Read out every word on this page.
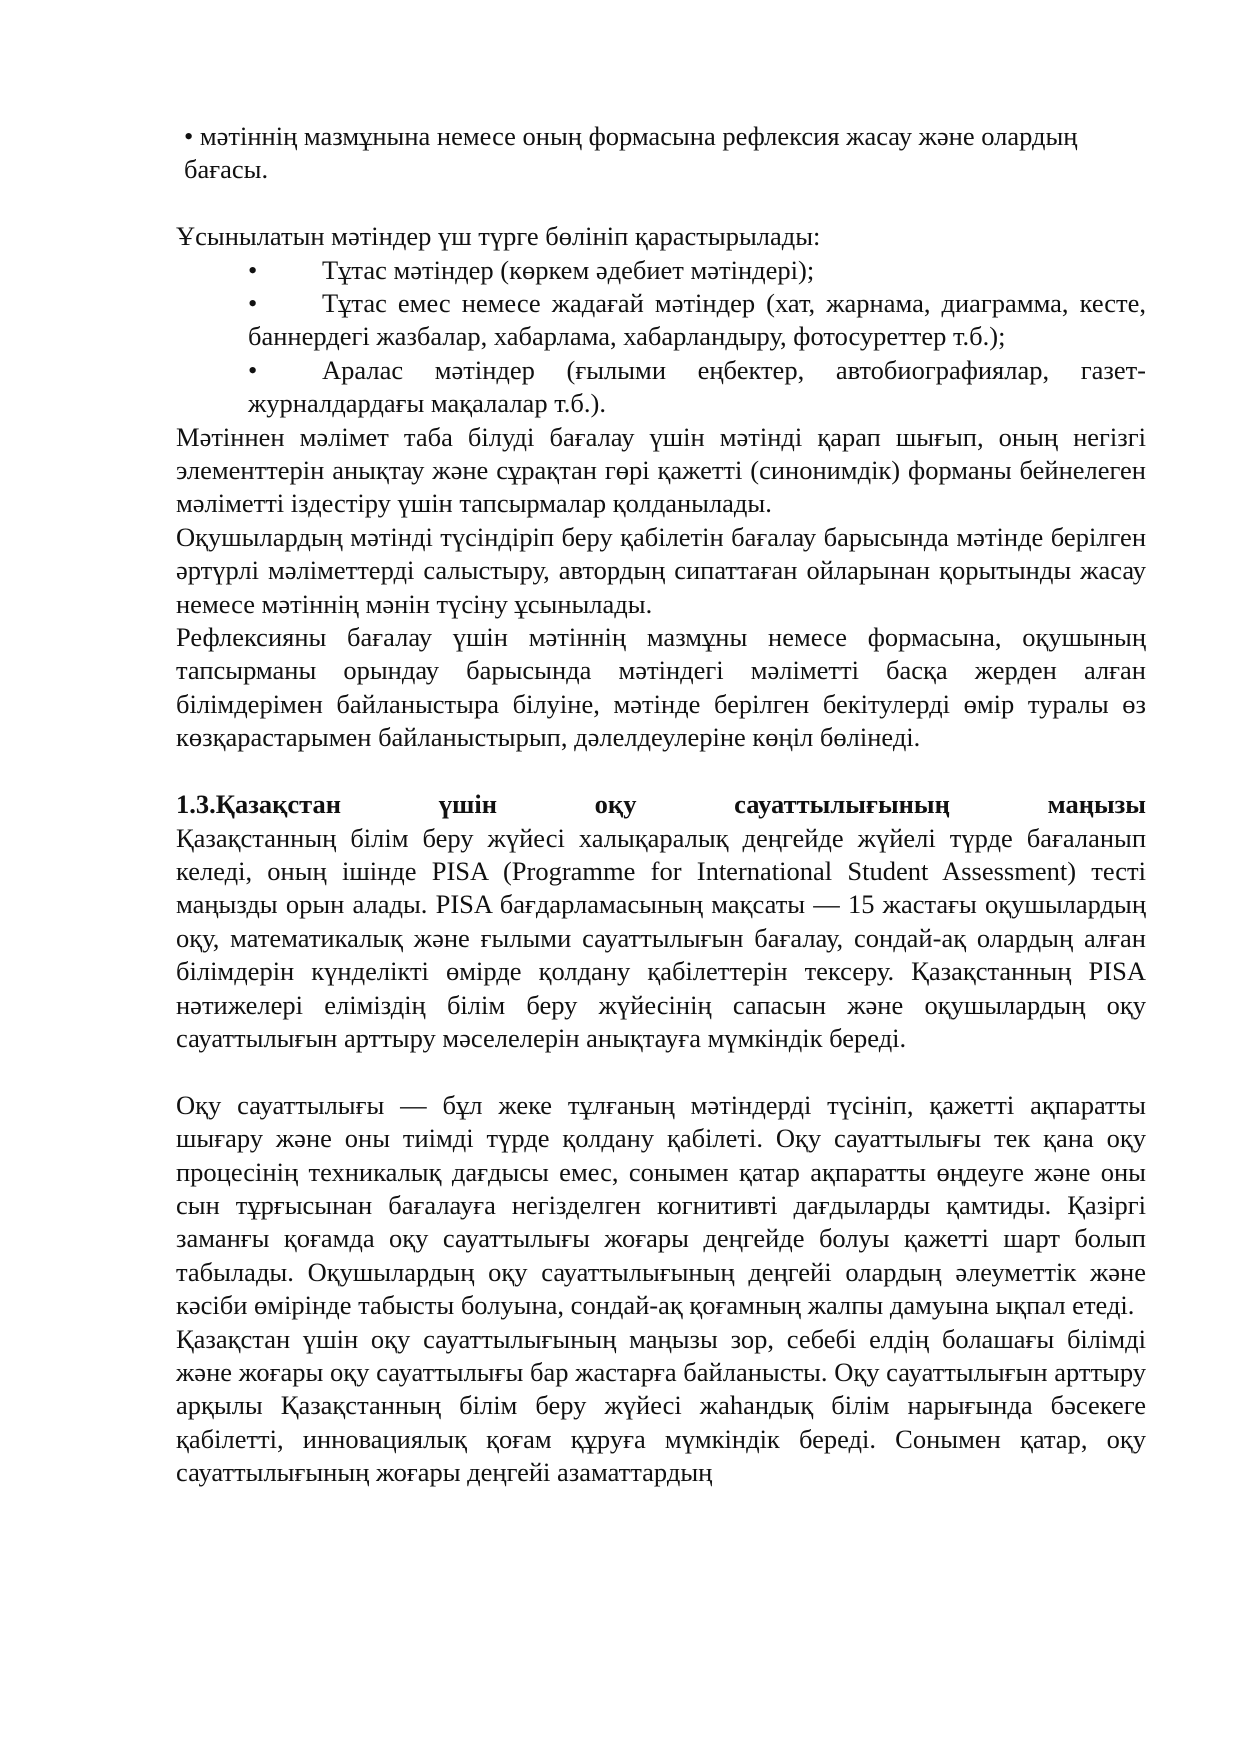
• мәтіннің мазмұнына немесе оның формасына рефлексия жасау және олардың бағасы.

Ұсынылатын мәтіндер үш түрге бөлініп қарастырылады:

• Тұтас мәтіндер (көркем әдебиет мәтіндері);
• Тұтас емес немесе жадағай мәтіндер (хат, жарнама, диаграмма, кесте, баннердегі жазбалар, хабарлама, хабарландыру, фотосуреттер т.б.);
• Аралас мәтіндер (ғылыми еңбектер, автобиографиялар, газет-журналдардағы мақалалар т.б.).

Мәтіннен мәлімет таба білуді бағалау үшін мәтінді қарап шығып, оның негізгі элементтерін анықтау және сұрақтан гөрі қажетті (синонимдік) форманы бейнелеген мәліметті іздестіру үшін тапсырмалар қолданылады.

Оқушылардың мәтінді түсіндіріп беру қабілетін бағалау барысында мәтінде берілген әртүрлі мәліметтерді салыстыру, автордың сипаттаған ойларынан қорытынды жасау немесе мәтіннің мәнін түсіну ұсынылады.

Рефлексияны бағалау үшін мәтіннің мазмұны немесе формасына, оқушының тапсырманы орындау барысында мәтіндегі мәліметті басқа жерден алған білімдерімен байланыстыра білуіне, мәтінде берілген бекітулерді өмір туралы өз көзқарастарымен байланыстырып, дәлелдеулеріне көңіл бөлінеді.

1.3.Қазақстан үшін оқу сауаттылығының маңызы

Қазақстанның білім беру жүйесі халықаралық деңгейде жүйелі түрде бағаланып келеді, оның ішінде PISA (Programme for International Student Assessment) тесті маңызды орын алады. PISA бағдарламасының мақсаты — 15 жастағы оқушылардың оқу, математикалық және ғылыми сауаттылығын бағалау, сондай-ақ олардың алған білімдерін күнделікті өмірде қолдану қабілеттерін тексеру. Қазақстанның PISA нәтижелері еліміздің білім беру жүйесінің сапасын және оқушылардың оқу сауаттылығын арттыру мәселелерін анықтауға мүмкіндік береді.

Оқу сауаттылығы — бұл жеке тұлғаның мәтіндерді түсініп, қажетті ақпаратты шығару және оны тиімді түрде қолдану қабілеті. Оқу сауаттылығы тек қана оқу процесінің техникалық дағдысы емес, сонымен қатар ақпаратты өңдеуге және оны сын тұрғысынан бағалауға негізделген когнитивті дағдыларды қамтиды. Қазіргі заманғы қоғамда оқу сауаттылығы жоғары деңгейде болуы қажетті шарт болып табылады. Оқушылардың оқу сауаттылығының деңгейі олардың әлеуметтік және кәсіби өмірінде табысты болуына, сондай-ақ қоғамның жалпы дамуына ықпал етеді.

Қазақстан үшін оқу сауаттылығының маңызы зор, себебі елдің болашағы білімді және жоғары оқу сауаттылығы бар жастарға байланысты. Оқу сауаттылығын арттыру арқылы Қазақстанның білім беру жүйесі жаһандық білім нарығында бәсекеге қабілетті, инновациялық қоғам құруға мүмкіндік береді. Сонымен қатар, оқу сауаттылығының жоғары деңгейі азаматтардың
